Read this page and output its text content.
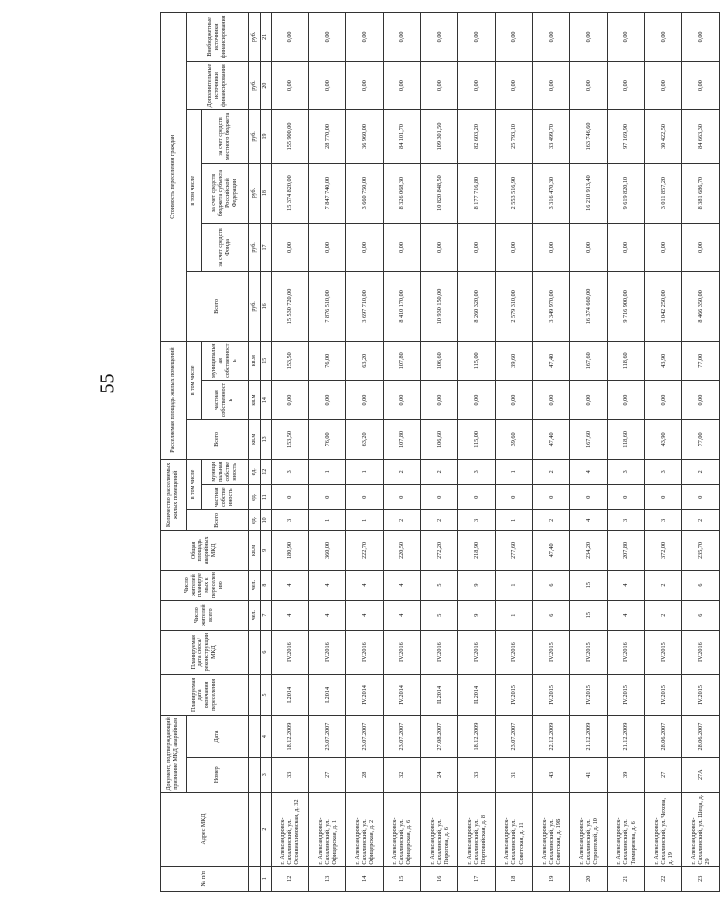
55
№ п/п	Адрес МКД	Документ, подтверждающий признание МКД аварийным		Планируемая дата окончания переселения	Планируемая дата сноса/реконструкции МКД	Число жителей всего	Число жителей планируемых к переселению	Общая площадь аварийных МКД	Количество расселяемых жилых помещений			Расселяемая площадь жилых помещений			Стоимость переселения граждан					
		Номер	Дата						Всего	в том числе		Всего	в том числе		Всего	в том числе			Дополнительные источники финансирования	Внебюджетные источники финансирования
										частная собственность	муниципальная собственность		частная собственность	муниципальная собственность		за счет средств Фонда	за счет средств бюджета субъекта Российской Федерации	за счет средств местного бюджета		
						чел.	чел.	кв.м	ед.	ед.	ед.	кв.м	кв.м	кв.м	руб.	руб.	руб.	руб.	руб.	руб.
1	2	3	4	5	6	7	8	9	10	11	12	13	14	15	16	17	18	19	20	21
12	г. Александровск-Сахалинский, ул. Осоавиахимовская, д. 32	33	18.12.2009	I.2014	IV.2016	4	4	180,90	3	0	3	153,50	0,00	153,50	15 530 720,00	0,00	15 374 820,00	155 900,00	0,00	0,00
13	г. Александровск-Сахалинский, ул. Офицерская, д. 1	27	23.07.2007	I.2014	IV.2016	4	4	360,00	1	0	1	76,00	0,00	76,00	7 876 510,00	0,00	7 847 740,00	28 770,00	0,00	0,00
14	г. Александровск-Сахалинский, ул. Офицерская, д. 2	28	23.07.2007	IV.2014	IV.2016	4	4	222,70	1	0	1	63,20	0,00	63,20	3 697 710,00	0,00	3 660 750,00	36 960,00	0,00	0,00
15	г. Александровск-Сахалинский, ул. Офицерская, д. 6	32	23.07.2007	IV.2014	IV.2016	4	4	220,50	2	0	2	107,80	0,00	107,80	8 410 170,00	0,00	8 326 068,30	84 101,70	0,00	0,00
16	г. Александровск-Сахалинский, ул. Пирогова, д. 6	24	27.08.2007	II.2014	IV.2016	5	5	272,20	2	0	2	106,60	0,00	106,60	10 930 150,00	0,00	10 820 848,50	109 301,50	0,00	0,00
17	г. Александровск-Сахалинский, ул. Портовийская, д. 8	33	18.12.2009	II.2014	IV.2016	9	9	218,90	3	0	3	115,00	0,00	115,00	8 260 320,00	0,00	8 177 716,80	82 603,20	0,00	0,00
18	г. Александровск-Сахалинский, ул. Советская, д. 11	31	23.07.2007	IV.2015	IV.2016	1	1	277,60	1	0	1	39,60	0,00	39,60	2 579 310,00	0,00	2 553 516,90	25 793,10	0,00	0,00
19	г. Александровск-Сахалинский, ул. Советская, д. 19Б	43	22.12.2009	IV.2015	IV.2015	6	6	47,40	2	0	2	47,40	0,00	47,40	3 349 970,00	0,00	3 316 470,30	33 499,70	0,00	0,00
20	г. Александровск-Сахалинский, ул. Строителей, д. 10	41	21.12.2009	IV.2015	IV.2015	15	15	234,20	4	0	4	167,60	0,00	167,60	16 374 660,00	0,00	16 210 913,40	163 746,60	0,00	0,00
21	г. Александровск-Сахалинский, ул. Тимирязева, д. 6	39	21.12.2009	IV.2015	IV.2016	4	4	207,80	3	0	3	118,60	0,00	118,60	9 716 900,00	0,00	9 619 820,10	97 169,90	0,00	0,00
22	г. Александровск-Сахалинский, ул. Чехова, д. 19	27	28.06.2007	IV.2015	IV.2015	2	2	372,00	3	0	3	43,90	0,00	43,90	3 042 250,00	0,00	3 011 857,20	30 422,50	0,00	0,00
23	г. Александровск-Сахалинский, ул. Шеца, д. 29	27А	28.06.2007	IV.2015	IV.2016	6	6	235,70	2	0	2	77,00	0,00	77,00	8 466 350,00	0,00	8 381 686,70	84 663,30	0,00	0,00
